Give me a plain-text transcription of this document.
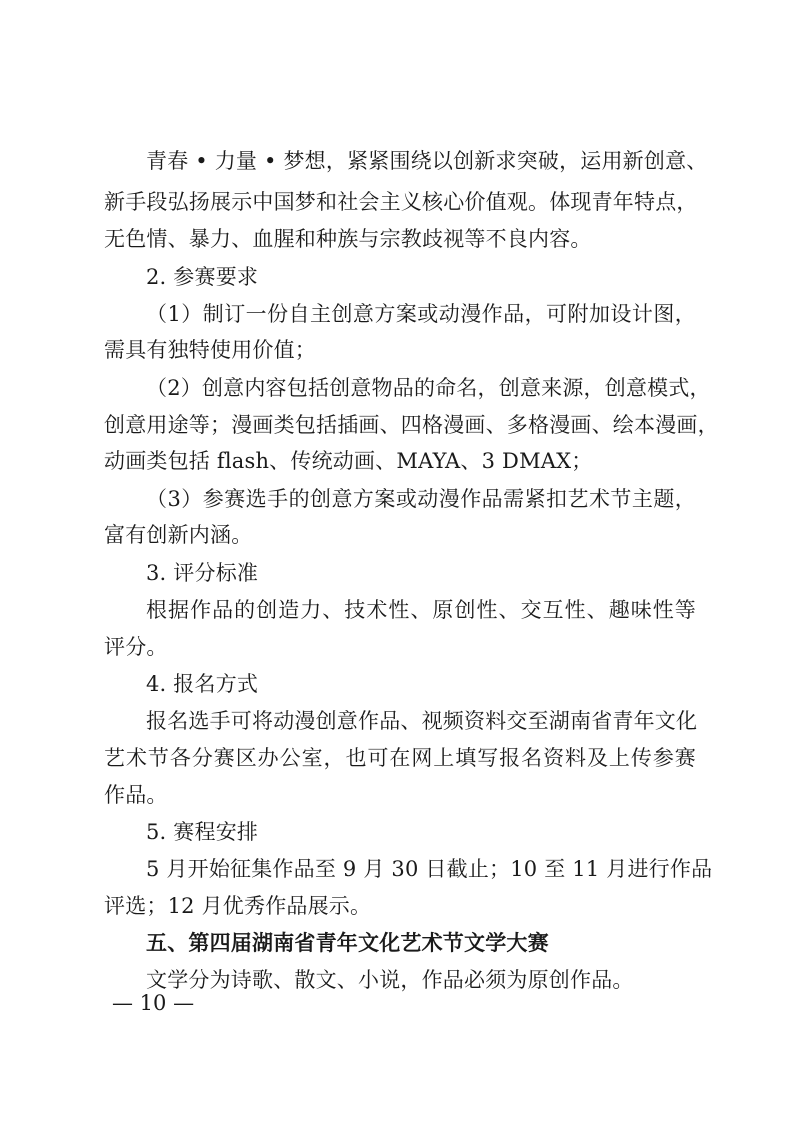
青春 • 力量 • 梦想，紧紧围绕以创新求突破，运用新创意、
新手段弘扬展示中国梦和社会主义核心价值观。体现青年特点，
无色情、暴力、血腥和种族与宗教歧视等不良内容。
2. 参赛要求
（1）制订一份自主创意方案或动漫作品，可附加设计图，
需具有独特使用价值；
（2）创意内容包括创意物品的命名，创意来源，创意模式，
创意用途等；漫画类包括插画、四格漫画、多格漫画、绘本漫画，
动画类包括 flash、传统动画、MAYA、3 DMAX；
（3）参赛选手的创意方案或动漫作品需紧扣艺术节主题，
富有创新内涵。
3. 评分标准
根据作品的创造力、技术性、原创性、交互性、趣味性等
评分。
4. 报名方式
报名选手可将动漫创意作品、视频资料交至湖南省青年文化
艺术节各分赛区办公室，也可在网上填写报名资料及上传参赛
作品。
5. 赛程安排
5 月开始征集作品至 9 月 30 日截止；10 至 11 月进行作品
评选；12 月优秀作品展示。
五、第四届湖南省青年文化艺术节文学大赛
文学分为诗歌、散文、小说，作品必须为原创作品。
— 10 —
